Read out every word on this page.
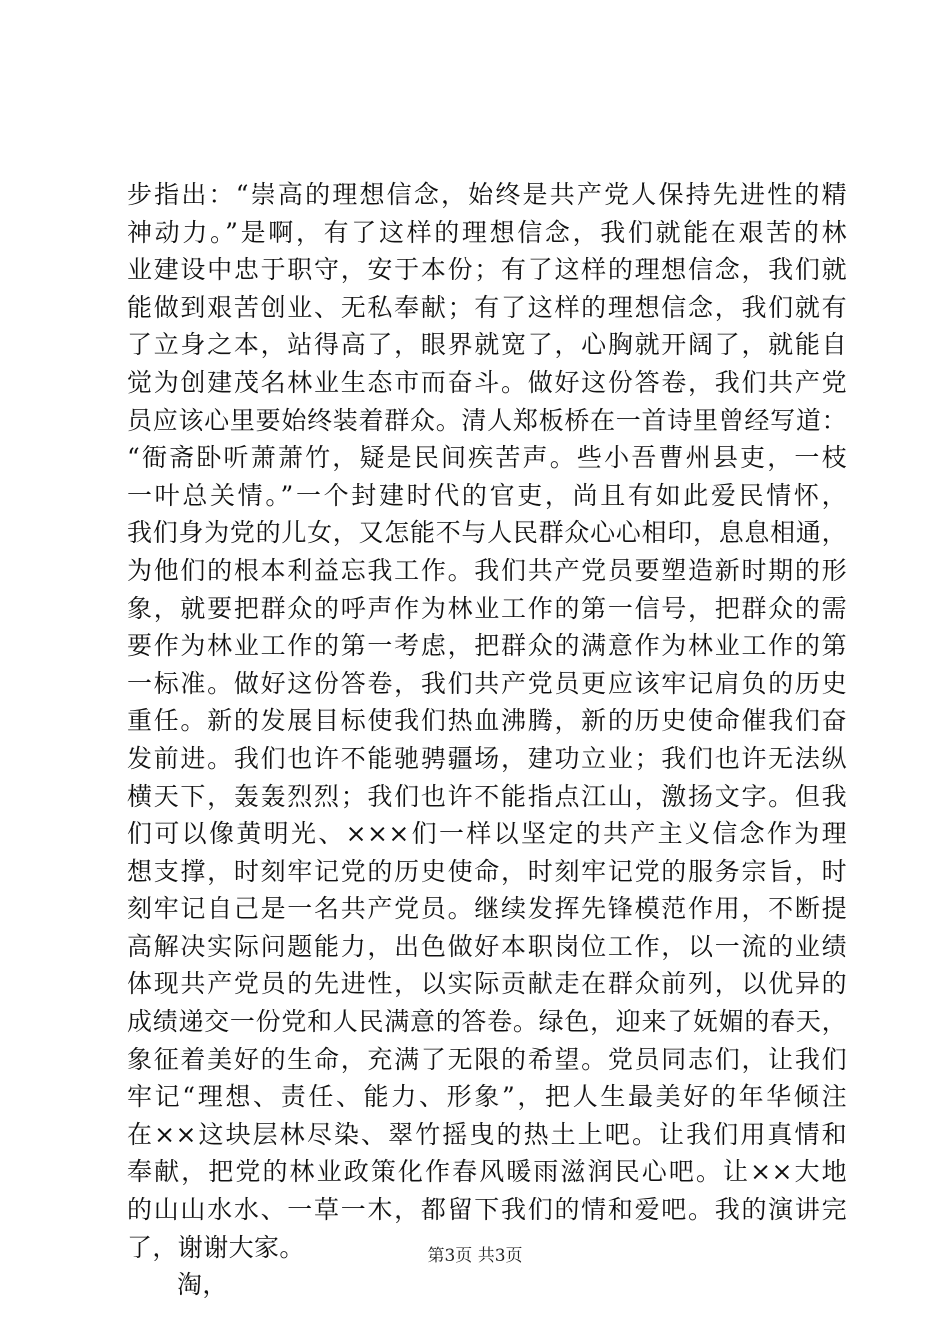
步指出：“崇高的理想信念，始终是共产党人保持先进性的精
神动力。”是啊，有了这样的理想信念，我们就能在艰苦的林
业建设中忠于职守，安于本份；有了这样的理想信念，我们就
能做到艰苦创业、无私奉献；有了这样的理想信念，我们就有
了立身之本，站得高了，眼界就宽了，心胸就开阔了，就能自
觉为创建茂名林业生态市而奋斗。做好这份答卷，我们共产党
员应该心里要始终装着群众。清人郑板桥在一首诗里曾经写道：
“衙斋卧听萧萧竹，疑是民间疾苦声。些小吾曹州县吏，一枝
一叶总关情。”一个封建时代的官吏，尚且有如此爱民情怀，
我们身为党的儿女，又怎能不与人民群众心心相印，息息相通，
为他们的根本利益忘我工作。我们共产党员要塑造新时期的形
象，就要把群众的呼声作为林业工作的第一信号，把群众的需
要作为林业工作的第一考虑，把群众的满意作为林业工作的第
一标准。做好这份答卷，我们共产党员更应该牢记肩负的历史
重任。新的发展目标使我们热血沸腾，新的历史使命催我们奋
发前进。我们也许不能驰骋疆场，建功立业；我们也许无法纵
横天下，轰轰烈烈；我们也许不能指点江山，激扬文字。但我
们可以像黄明光、×××们一样以坚定的共产主义信念作为理
想支撑，时刻牢记党的历史使命，时刻牢记党的服务宗旨，时
刻牢记自己是一名共产党员。继续发挥先锋模范作用，不断提
高解决实际问题能力，出色做好本职岗位工作，以一流的业绩
体现共产党员的先进性，以实际贡献走在群众前列，以优异的
成绩递交一份党和人民满意的答卷。绿色，迎来了妩媚的春天，
象征着美好的生命，充满了无限的希望。党员同志们，让我们
牢记“理想、责任、能力、形象”，把人生最美好的年华倾注
在××这块层林尽染、翠竹摇曳的热土上吧。让我们用真情和
奉献，把党的林业政策化作春风暖雨滋润民心吧。让××大地
的山山水水、一草一木，都留下我们的情和爱吧。我的演讲完
了，谢谢大家。
淘，
第3页 共3页
